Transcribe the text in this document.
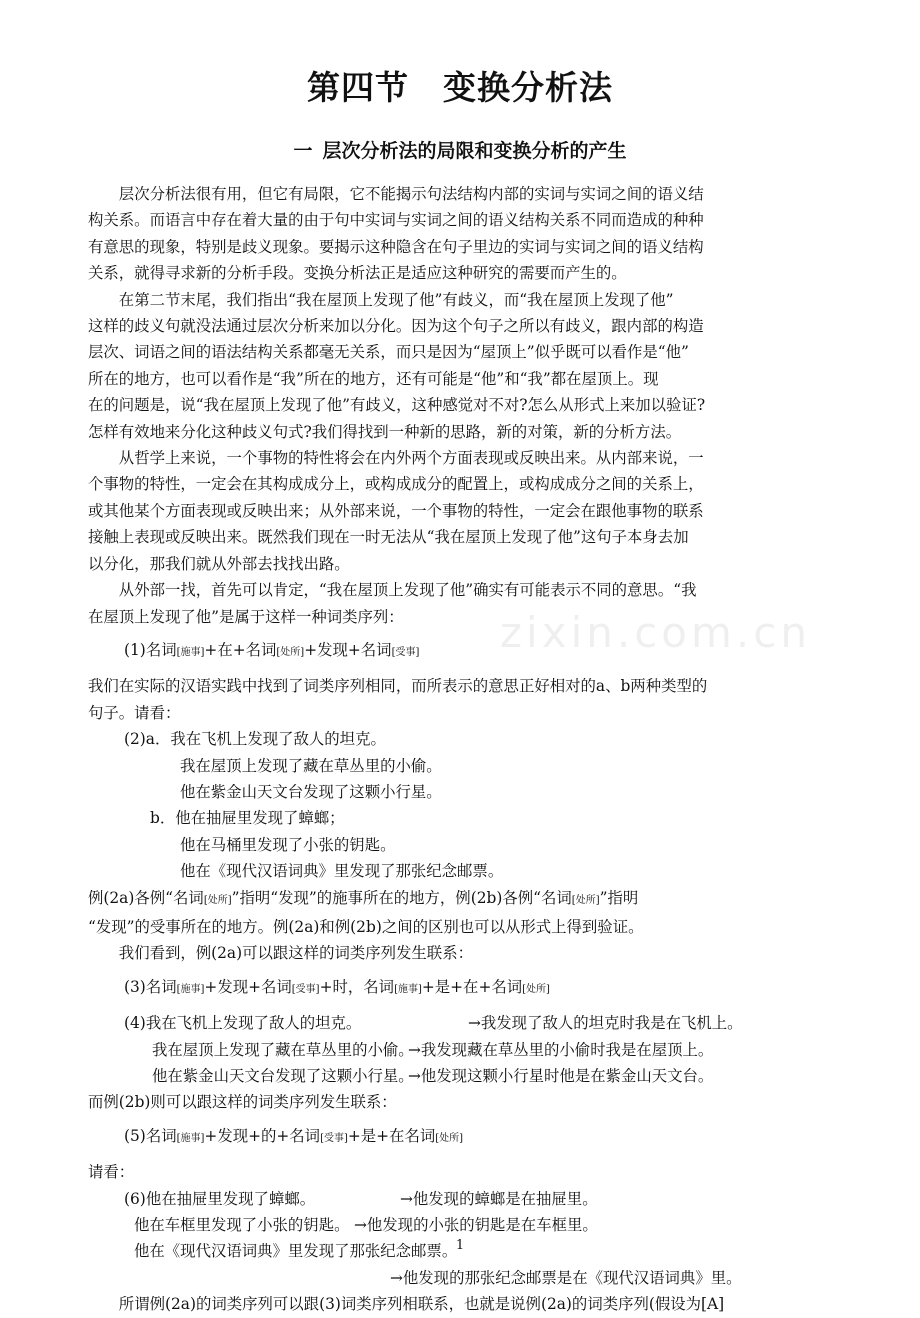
第四节 变换分析法
一 层次分析法的局限和变换分析的产生
zixin.com.cn

层次分析法很有用，但它有局限，它不能揭示句法结构内部的实词与实词之间的语义结
构关系。而语言中存在着大量的由于句中实词与实词之间的语义结构关系不同而造成的种种
有意思的现象，特别是歧义现象。要揭示这种隐含在句子里边的实词与实词之间的语义结构
关系，就得寻求新的分析手段。变换分析法正是适应这种研究的需要而产生的。

在第二节末尾，我们指出“我在屋顶上发现了他”有歧义，而“我在屋顶上发现了他”
这样的歧义句就没法通过层次分析来加以分化。因为这个句子之所以有歧义，跟内部的构造
层次、词语之间的语法结构关系都毫无关系，而只是因为“屋顶上”似乎既可以看作是“他”
所在的地方，也可以看作是“我”所在的地方，还有可能是“他”和“我”都在屋顶上。现
在的问题是，说“我在屋顶上发现了他”有歧义，这种感觉对不对?怎么从形式上来加以验证?
怎样有效地来分化这种歧义句式?我们得找到一种新的思路，新的对策，新的分析方法。

从哲学上来说，一个事物的特性将会在内外两个方面表现或反映出来。从内部来说，一
个事物的特性，一定会在其构成成分上，或构成成分的配置上，或构成成分之间的关系上，
或其他某个方面表现或反映出来；从外部来说，一个事物的特性，一定会在跟他事物的联系
接触上表现或反映出来。既然我们现在一时无法从“我在屋顶上发现了他”这句子本身去加
以分化，那我们就从外部去找找出路。

从外部一找，首先可以肯定，“我在屋顶上发现了他”确实有可能表示不同的意思。“我
在屋顶上发现了他”是属于这样一种词类序列：

(1)名词[施事]+在+名词[处所]+发现+名词[受事]
我们在实际的汉语实践中找到了词类序列相同，而所表示的意思正好相对的a、b两种类型的
句子。请看：
(2)a．我在飞机上发现了敌人的坦克。
我在屋顶上发现了藏在草丛里的小偷。
他在紫金山天文台发现了这颗小行星。
b．他在抽屉里发现了蟑螂；
他在马桶里发现了小张的钥匙。
他在《现代汉语词典》里发现了那张纪念邮票。
例(2a)各例“名词[处所]”指明“发现”的施事所在的地方，例(2b)各例“名词[处所]”指明
“发现”的受事所在的地方。例(2a)和例(2b)之间的区别也可以从形式上得到验证。

我们看到，例(2a)可以跟这样的词类序列发生联系：

(3)名词[施事]+发现+名词[受事]+时，名词[施事]+是+在+名词[处所]
(4)我在飞机上发现了敌人的坦克。	→我发现了敌人的坦克时我是在飞机上。
我在屋顶上发现了藏在草丛里的小偷。
→我发现藏在草丛里的小偷时我是在屋顶上。
他在紫金山天文台发现了这颗小行星。
→他发现这颗小行星时他是在紫金山天文台。
而例(2b)则可以跟这样的词类序列发生联系：
(5)名词[施事]+发现+的+名词[受事]+是+在名词[处所]
请看：
(6)他在抽屉里发现了蟑螂。	→他发现的蟑螂是在抽屉里。
他在车框里发现了小张的钥匙。 →他发现的小张的钥匙是在车框里。
他在《现代汉语词典》里发现了那张纪念邮票。
→他发现的那张纪念邮票是在《现代汉语词典》里。

所谓例(2a)的词类序列可以跟(3)词类序列相联系，也就是说例(2a)的词类序列(假设为[A]

1
